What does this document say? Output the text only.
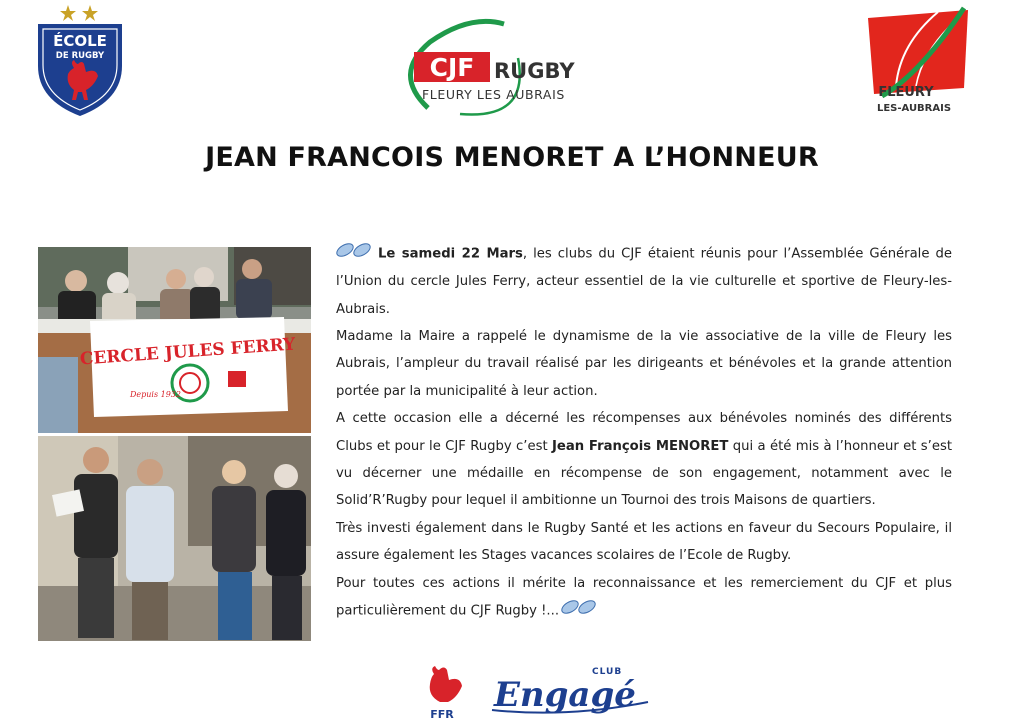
ÉCOLE
DE RUGBY	CJF RUGBY
FLEURY LES AUBRAIS	FLEURY
LES-AUBRAIS
JEAN FRANCOIS MENORET A L’HONNEUR
CERCLE JULES FERRY
Depuis 1932

Le samedi 22 Mars, les clubs du CJF étaient réunis pour l’Assemblée Générale de l’Union du cercle Jules Ferry, acteur essentiel de la vie culturelle et sportive de Fleury-les-Aubrais.

Madame la Maire a rappelé le dynamisme de la vie associative de la ville de Fleury les Aubrais, l’ampleur du travail réalisé par les dirigeants et bénévoles et la grande attention portée par la municipalité à leur action.

A cette occasion elle a décerné les récompenses aux bénévoles nominés des différents Clubs et pour le CJF Rugby c’est Jean François MENORET qui a été mis à l’honneur et s’est vu décerner une médaille en récompense de son engagement, notamment avec le Solid’R’Rugby pour lequel il ambitionne un Tournoi des trois Maisons de quartiers.

Très investi également dans le Rugby Santé et les actions en faveur du Secours Populaire, il assure également les Stages vacances scolaires de l’Ecole de Rugby.

Pour toutes ces actions il mérite la reconnaissance et les remerciement du CJF et plus particulièrement du CJF Rugby !...

FFR
CLUB
Engagé
